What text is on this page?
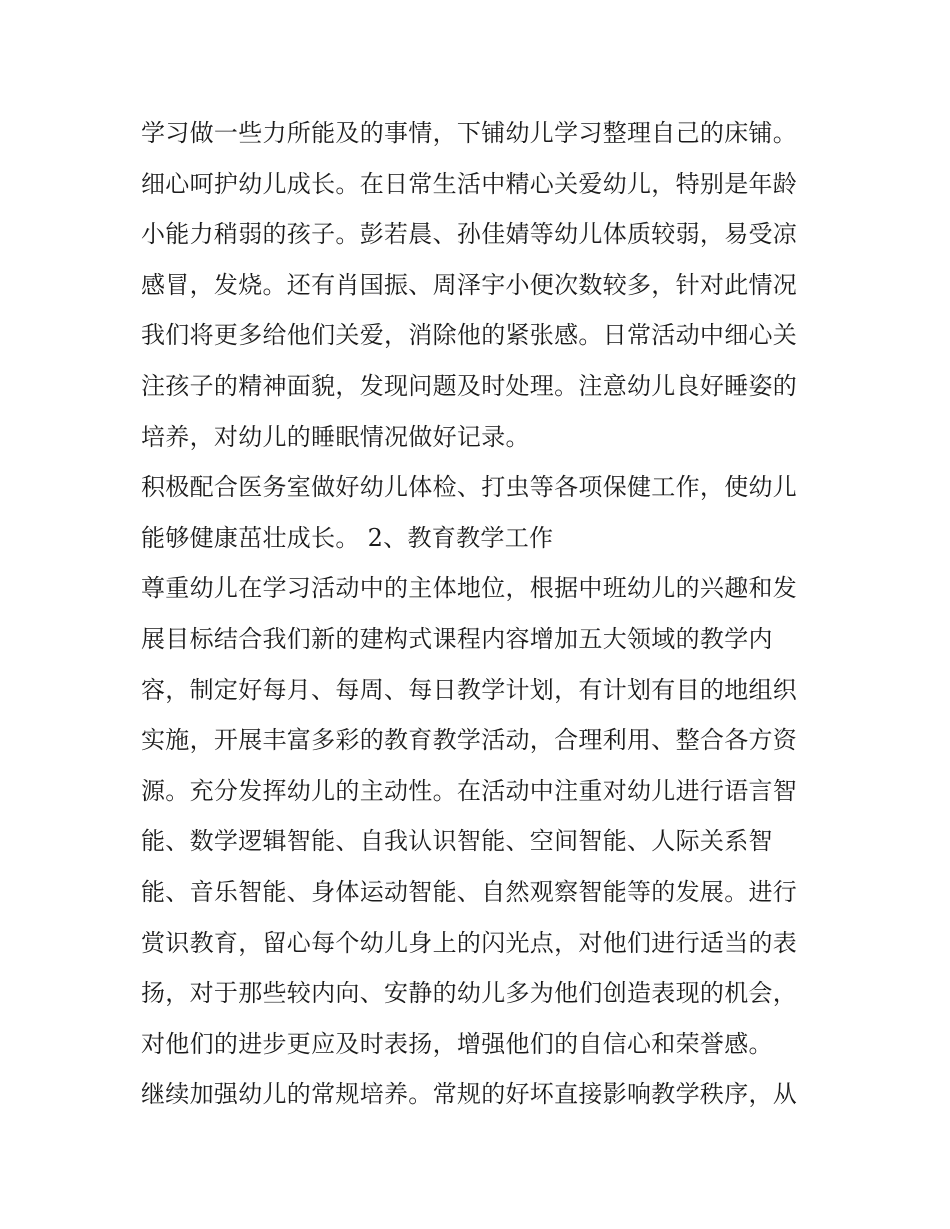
学习做一些力所能及的事情，下铺幼儿学习整理自己的床铺。
细心呵护幼儿成长。在日常生活中精心关爱幼儿，特别是年龄
小能力稍弱的孩子。彭若晨、孙佳婧等幼儿体质较弱，易受凉
感冒，发烧。还有肖国振、周泽宇小便次数较多，针对此情况
我们将更多给他们关爱，消除他的紧张感。日常活动中细心关
注孩子的精神面貌，发现问题及时处理。注意幼儿良好睡姿的
培养，对幼儿的睡眠情况做好记录。
积极配合医务室做好幼儿体检、打虫等各项保健工作，使幼儿
能够健康茁壮成长。 2、教育教学工作
尊重幼儿在学习活动中的主体地位，根据中班幼儿的兴趣和发
展目标结合我们新的建构式课程内容增加五大领域的教学内
容，制定好每月、每周、每日教学计划，有计划有目的地组织
实施，开展丰富多彩的教育教学活动，合理利用、整合各方资
源。充分发挥幼儿的主动性。在活动中注重对幼儿进行语言智
能、数学逻辑智能、自我认识智能、空间智能、人际关系智
能、音乐智能、身体运动智能、自然观察智能等的发展。进行
赏识教育，留心每个幼儿身上的闪光点，对他们进行适当的表
扬，对于那些较内向、安静的幼儿多为他们创造表现的机会，
对他们的进步更应及时表扬，增强他们的自信心和荣誉感。
继续加强幼儿的常规培养。常规的好坏直接影响教学秩序，从
